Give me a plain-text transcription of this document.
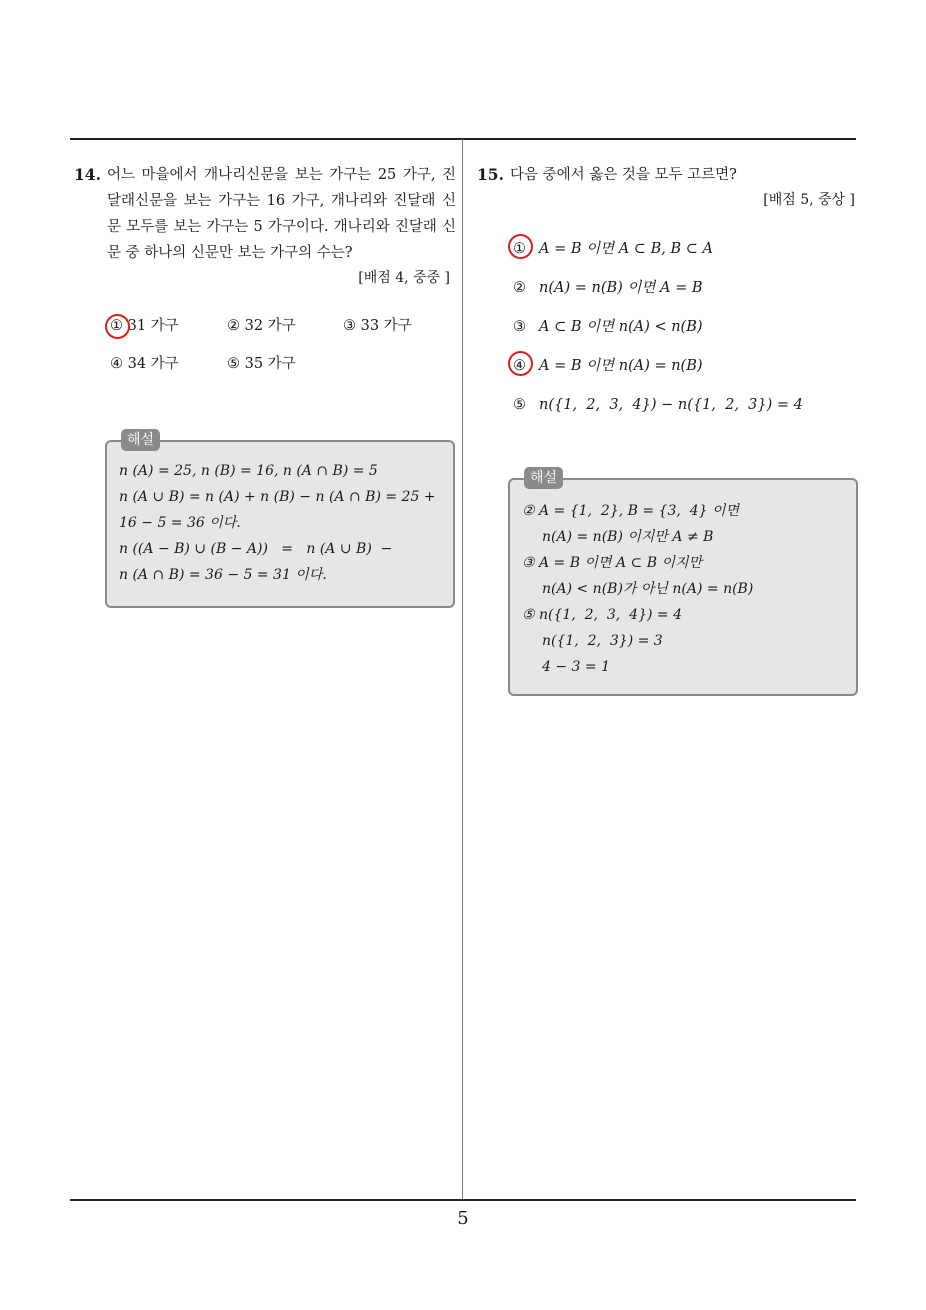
14. 어느 마을에서 개나리신문을 보는 가구는 25 가구, 진달래신문을 보는 가구는 16 가구, 개나리와 진달래 신문 모두를 보는 가구는 5 가구이다. 개나리와 진달래 신문 중 하나의 신문만 보는 가구의 수는?
[배점 4, 중중 ]
① 31 가구	② 32 가구	③ 33 가구
④ 34 가구	⑤ 35 가구
해설
n (A) = 25, n (B) = 16, n (A ∩ B) = 5
n (A ∪ B) = n (A) + n (B) − n (A ∩ B) = 25 +
16 − 5 = 36 이다.
n ((A − B) ∪ (B − A))   =   n (A ∪ B)  −
n (A ∩ B) = 36 − 5 = 31 이다.
15. 다음 중에서 옳은 것을 모두 고르면?
[배점 5, 중상 ]
① A = B 이면 A ⊂ B, B ⊂ A
② n(A) = n(B) 이면 A = B
③ A ⊂ B 이면 n(A) < n(B)
④ A = B 이면 n(A) = n(B)
⑤ n({1,  2,  3,  4}) − n({1,  2,  3}) = 4
해설
② A = {1,  2}, B = {3,  4} 이면
n(A) = n(B) 이지만 A ≠ B
③ A = B 이면 A ⊂ B 이지만
n(A) < n(B)가 아닌 n(A) = n(B)
⑤ n({1,  2,  3,  4}) = 4
n({1,  2,  3}) = 3
4 − 3 = 1
5
